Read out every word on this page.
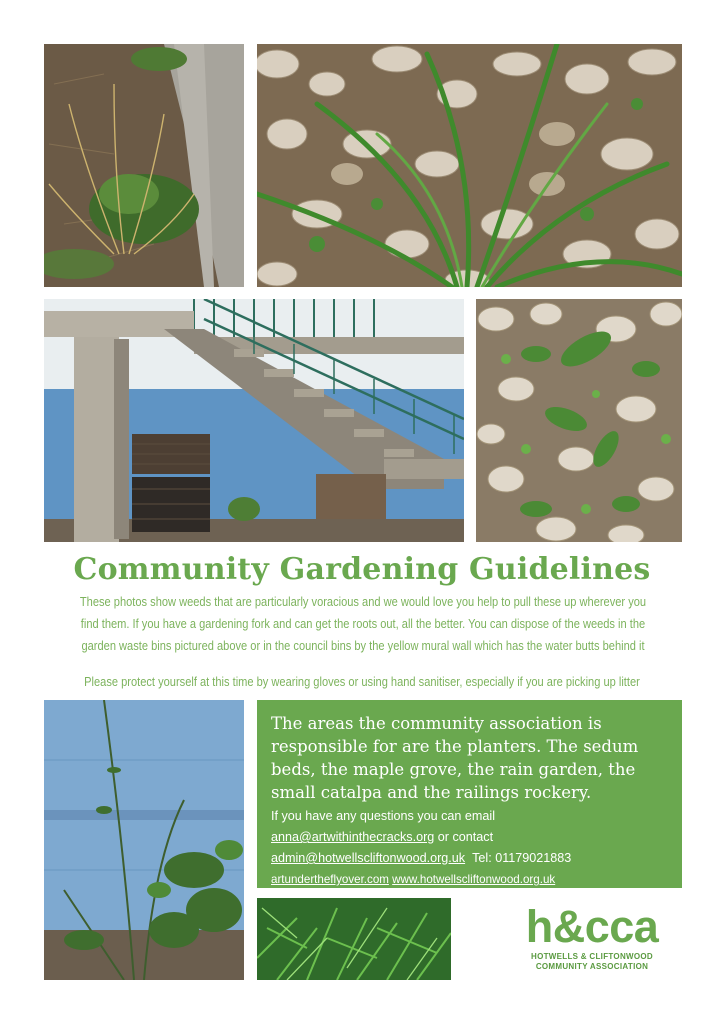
Community Gardening Guidelines
These photos show weeds that are particularly voracious and we would love you help to pull these up wherever you
find them. If you have a gardening fork and can get the roots out, all the better. You can dispose of the weeds in the
garden waste bins pictured above or in the council bins by the yellow mural wall which has the water butts behind it

Please protect yourself at this time by wearing gloves or using hand sanitiser, especially if you are picking up litter

The areas the community association is responsible for are the planters. The sedum beds, the maple grove, the rain garden, the small catalpa and the railings rockery.

If you have any questions you can email
anna@artwithinthecracks.org or contact
admin@hotwellscliftonwood.org.uk Tel: 01179021883
artundertheflyover.com www.hotwellscliftonwood.org.uk
h&cca
HOTWELLS & CLIFTONWOOD
COMMUNITY ASSOCIATION
